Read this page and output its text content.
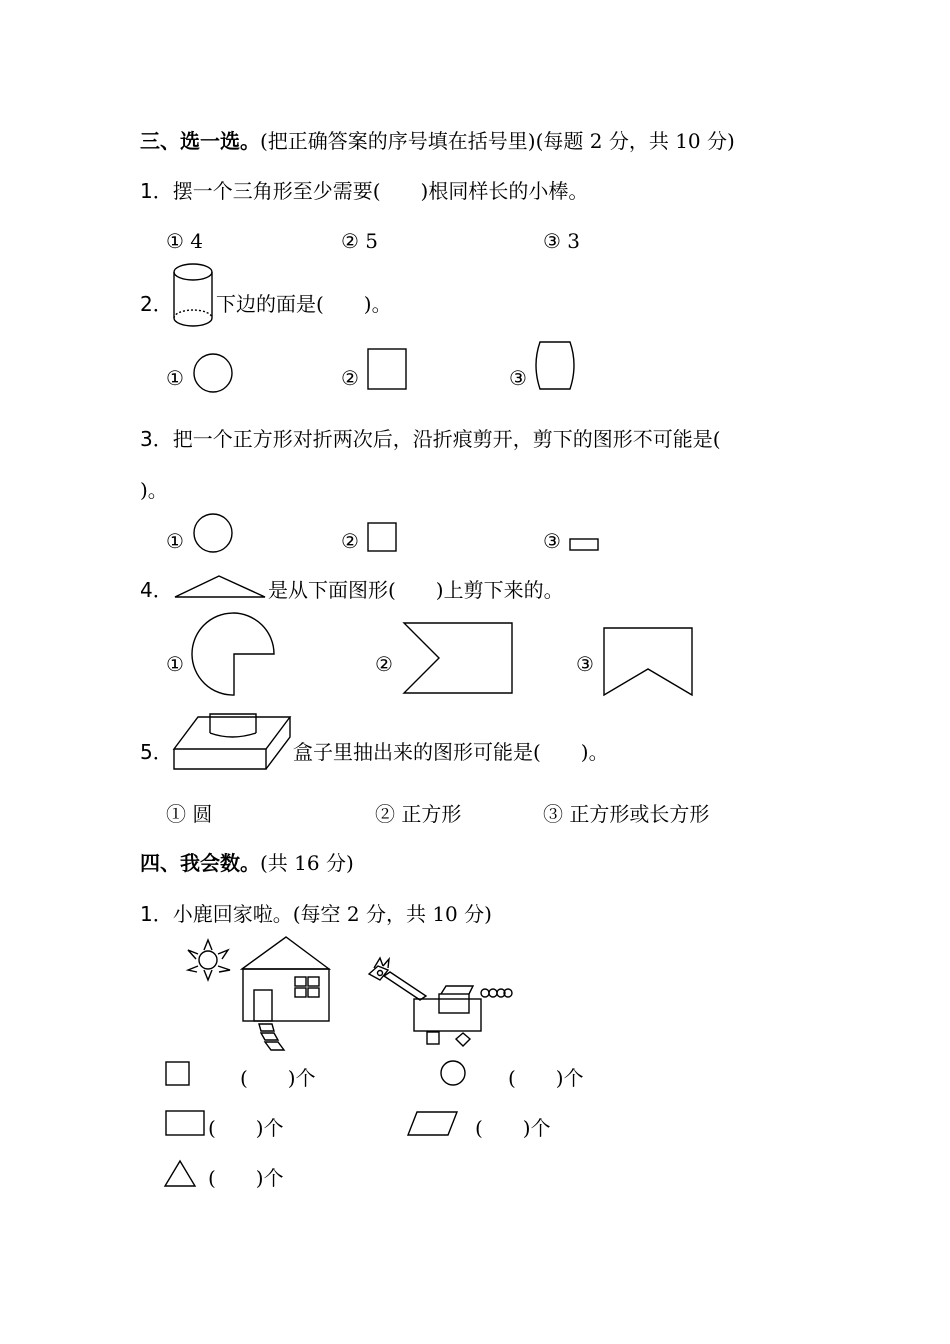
三、选一选。(把正确答案的序号填在括号里)(每题 2 分，共 10 分)
1．摆一个三角形至少需要(　　)根同样长的小棒。
① 4	② 5	③ 3
2． 下边的面是(　　)。
①	②	③
3．把一个正方形对折两次后，沿折痕剪开，剪下的图形不可能是(
)。
①	②	③
4．	是从下面图形(　　)上剪下来的。
①	②	③
5．	盒子里抽出来的图形可能是(　　)。
① 圆	② 正方形	③ 正方形或长方形
四、我会数。(共 16 分)
1．小鹿回家啦。(每空 2 分，共 10 分)
(　　)个	(　　)个
(　　)个	(　　)个
(　　)个
